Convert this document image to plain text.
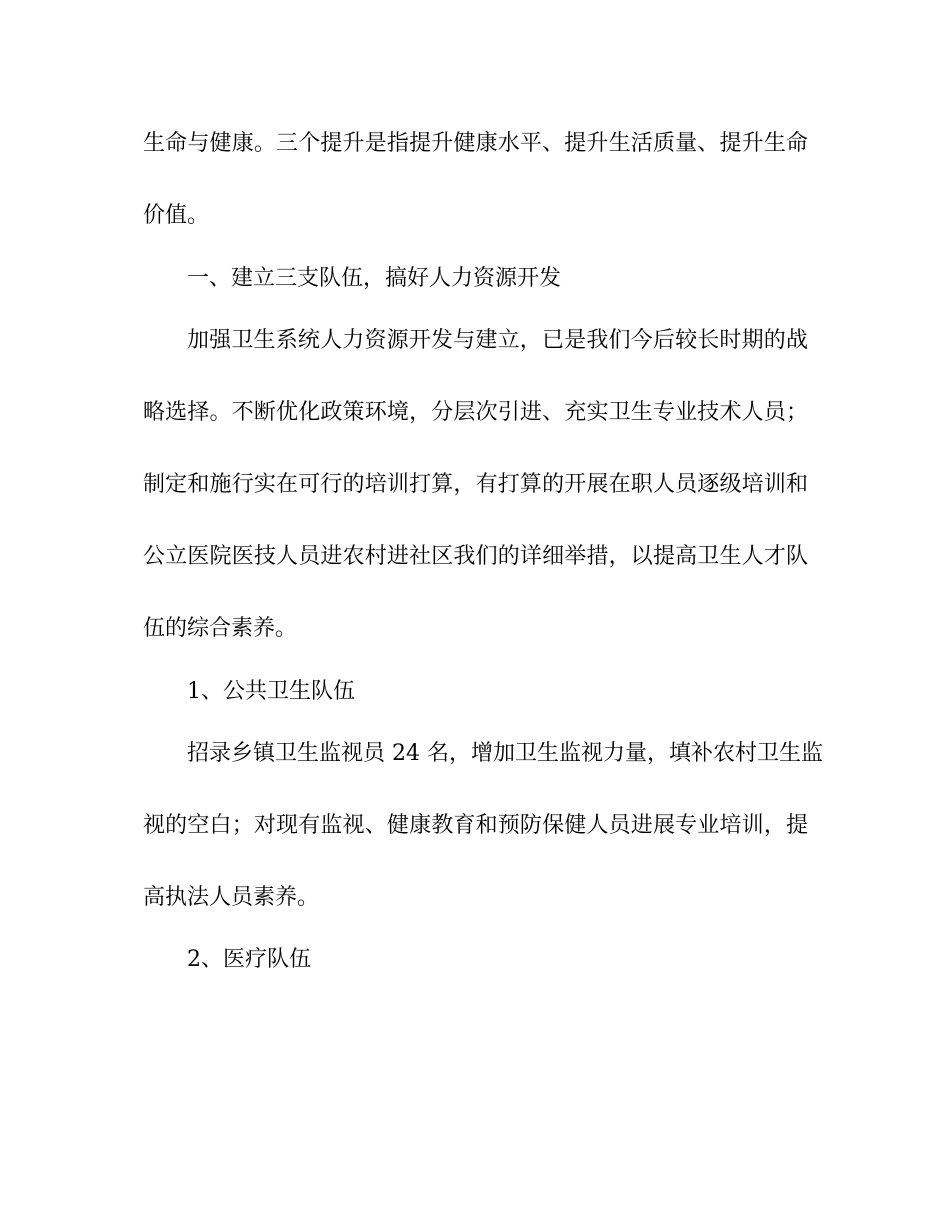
生命与健康。三个提升是指提升健康水平、提升生活质量、提升生命
价值。
一、建立三支队伍，搞好人力资源开发
加强卫生系统人力资源开发与建立，已是我们今后较长时期的战
略选择。不断优化政策环境，分层次引进、充实卫生专业技术人员；
制定和施行实在可行的培训打算，有打算的开展在职人员逐级培训和
公立医院医技人员进农村进社区我们的详细举措，以提高卫生人才队
伍的综合素养。
1、公共卫生队伍
招录乡镇卫生监视员 24 名，增加卫生监视力量，填补农村卫生监
视的空白；对现有监视、健康教育和预防保健人员进展专业培训，提
高执法人员素养。
2、医疗队伍
